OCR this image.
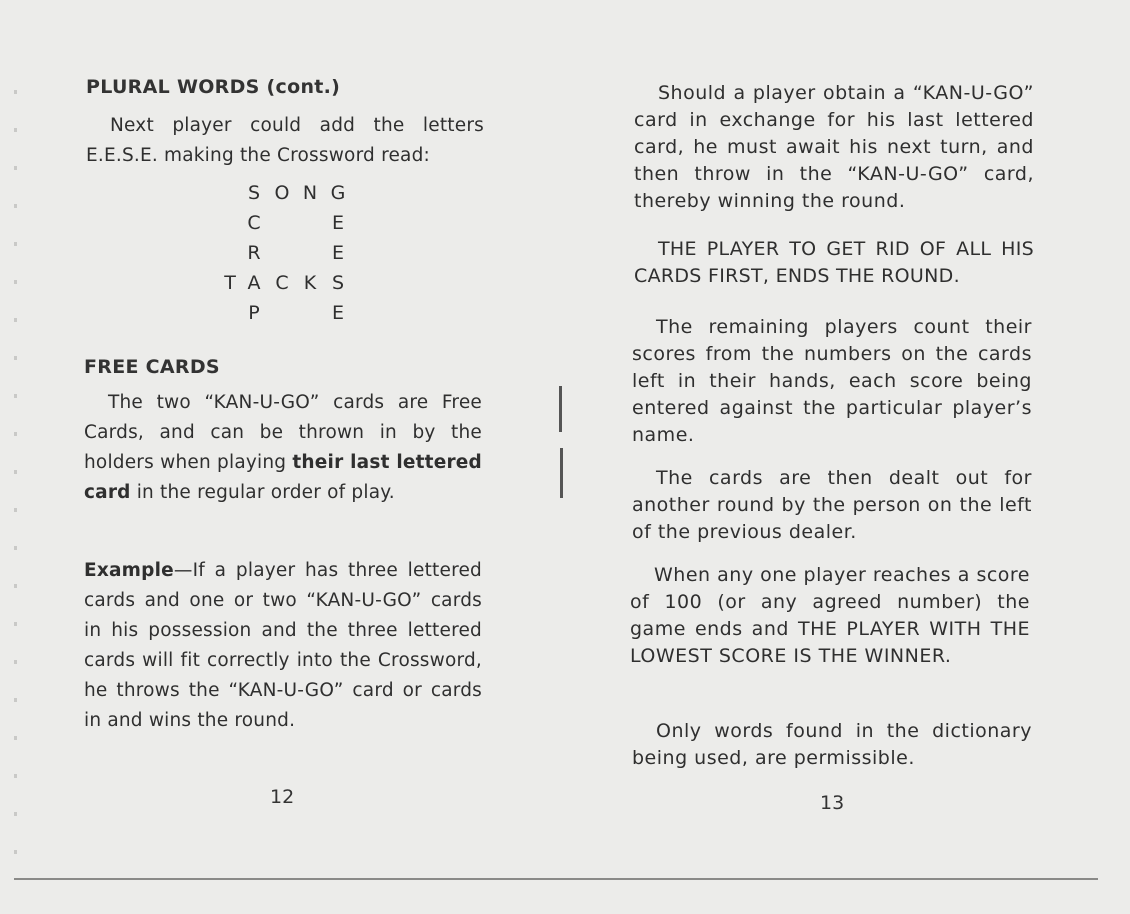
PLURAL WORDS (cont.)

Next player could add the letters E.E.S.E. making the Crossword read:

S O N G
C	E
R	E
T A C K S
P	E
FREE CARDS

The two “KAN-U-GO” cards are Free Cards, and can be thrown in by the holders when playing their last lettered card in the regular order of play.

Example—If a player has three lettered cards and one or two “KAN-U-GO” cards in his possession and the three lettered cards will fit correctly into the Crossword, he throws the “KAN-U-GO” card or cards in and wins the round.

12

Should a player obtain a “KAN-U-GO” card in exchange for his last lettered card, he must await his next turn, and then throw in the “KAN-U-GO” card, thereby winning the round.

THE PLAYER TO GET RID OF ALL HIS CARDS FIRST, ENDS THE ROUND.

The remaining players count their scores from the numbers on the cards left in their hands, each score being entered against the particular player’s name.

The cards are then dealt out for another round by the person on the left of the previous dealer.

When any one player reaches a score of 100 (or any agreed number) the game ends and THE PLAYER WITH THE LOWEST SCORE IS THE WINNER.

Only words found in the dictionary being used, are permissible.

13
